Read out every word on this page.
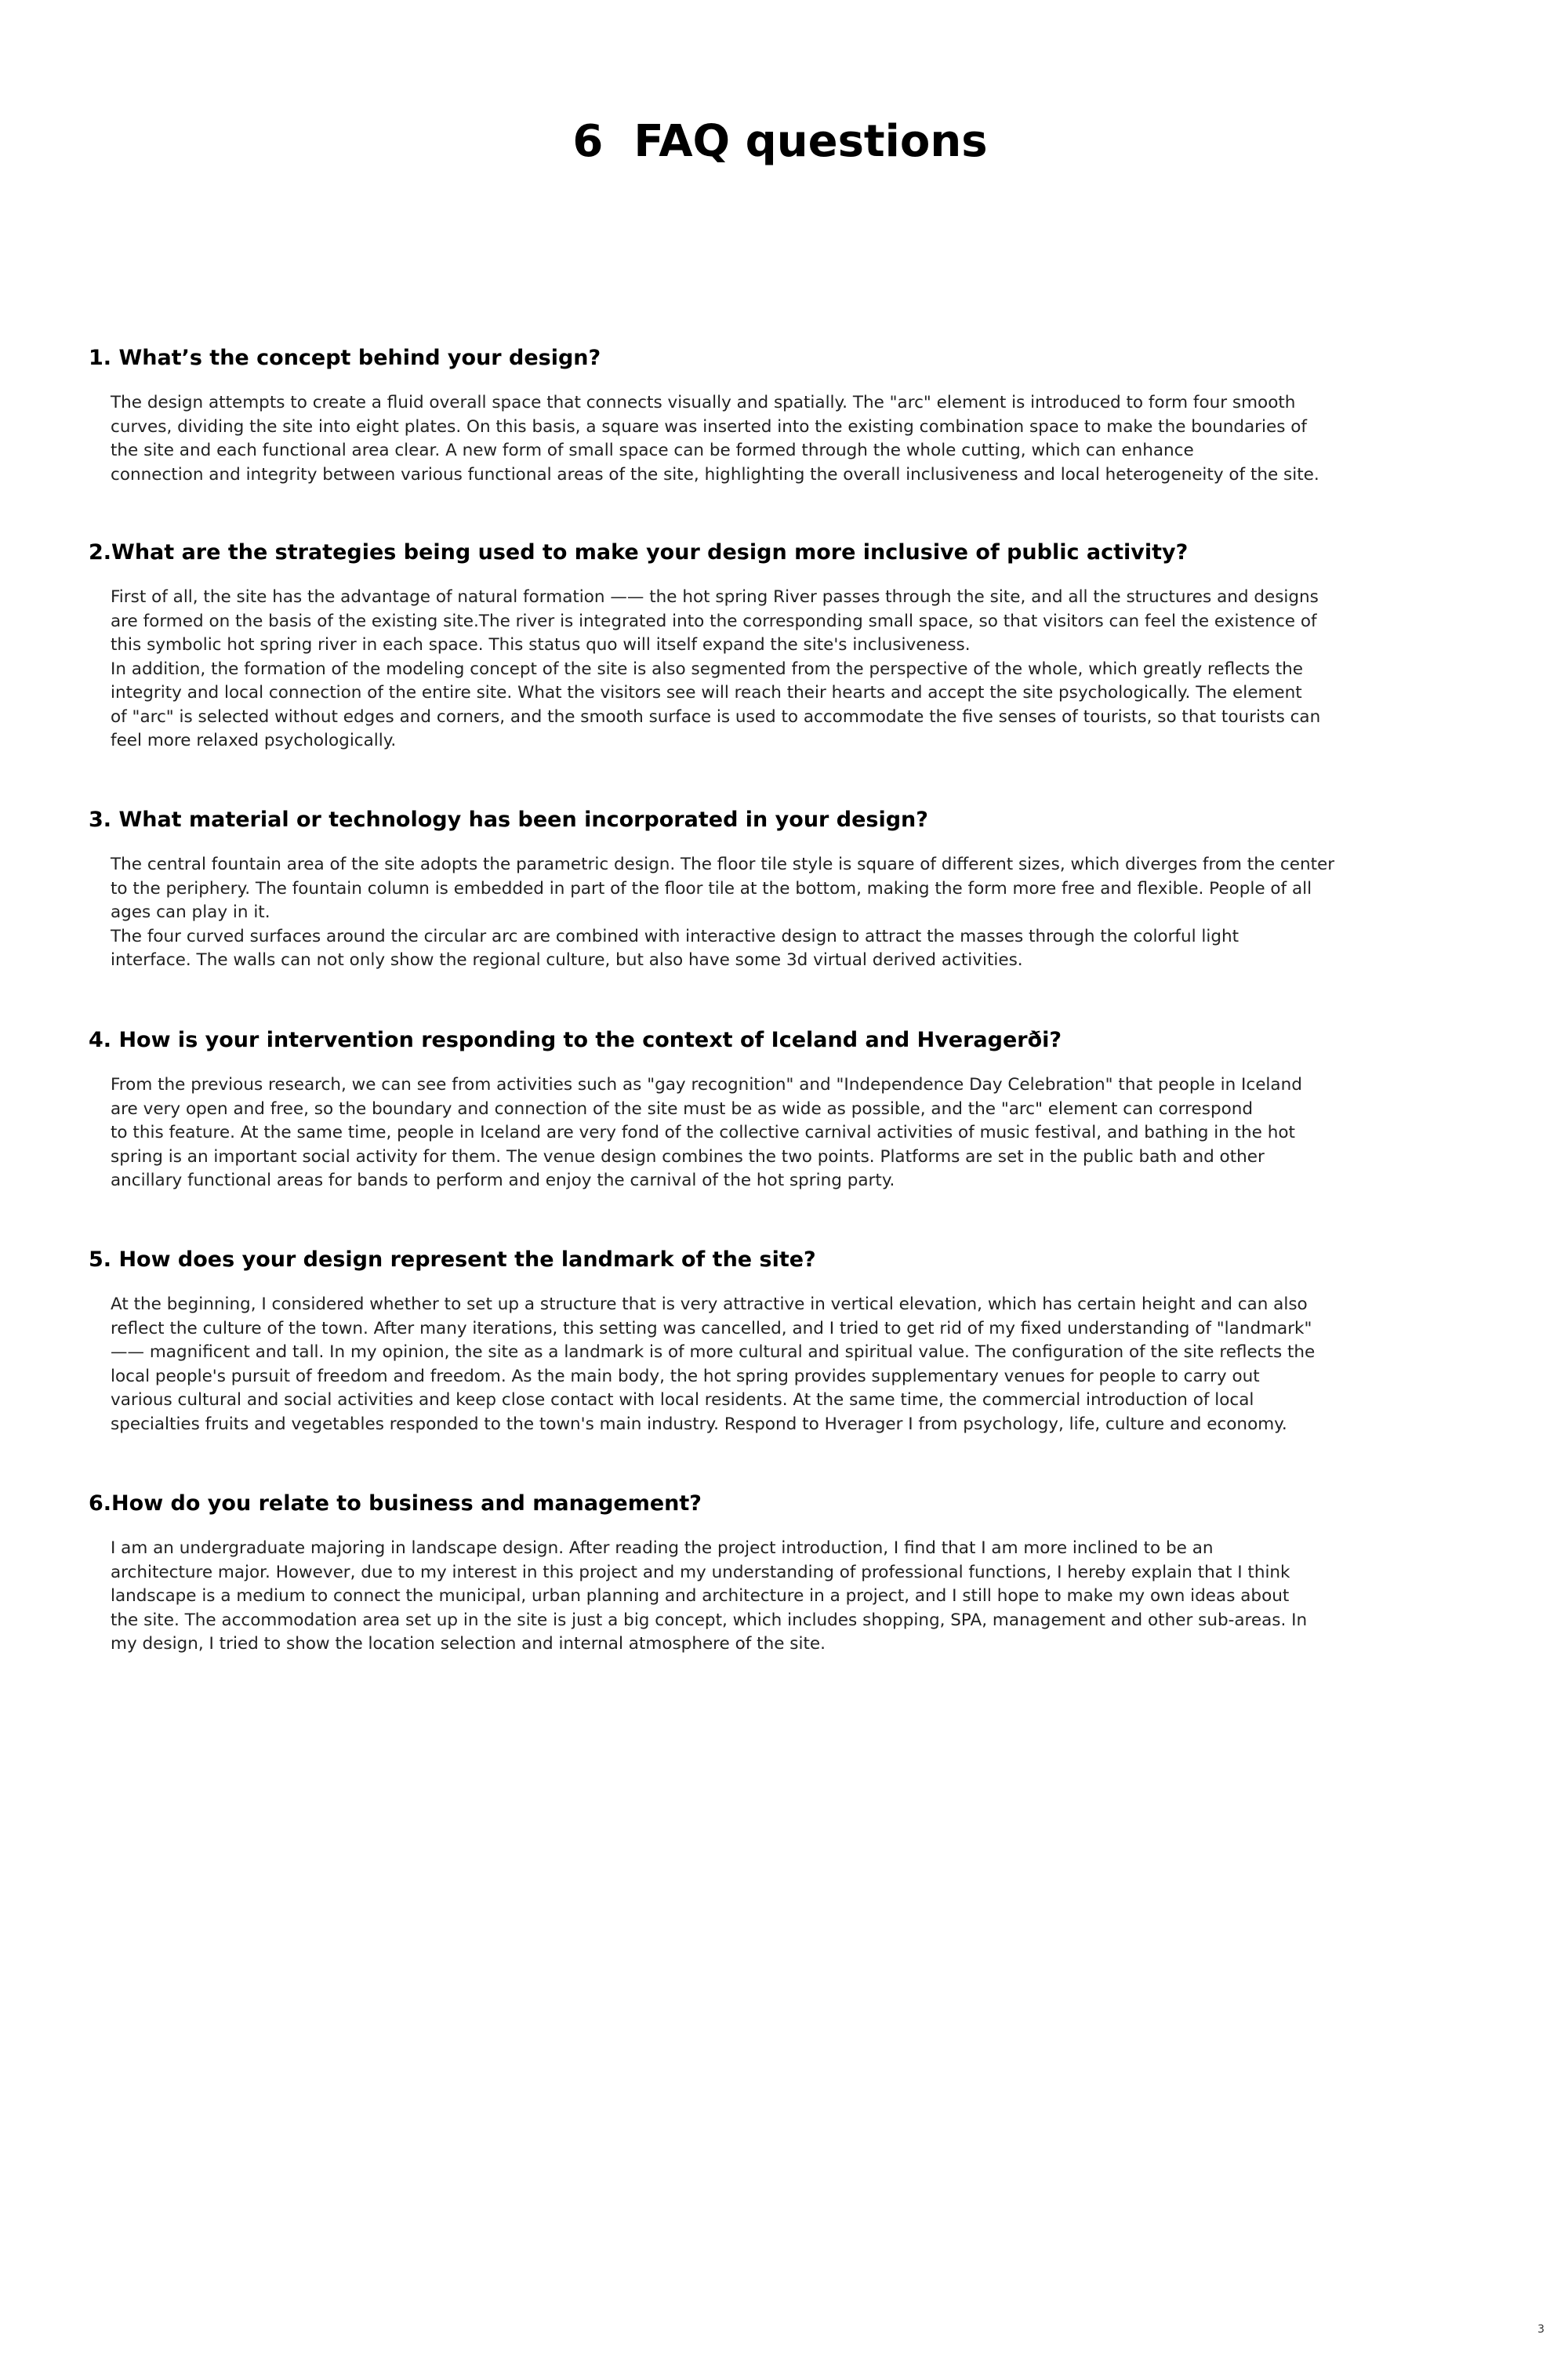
6  FAQ questions
1. What’s the concept behind your design?
The design attempts to create a fluid overall space that connects visually and spatially. The "arc" element is introduced to form four smooth
curves, dividing the site into eight plates. On this basis, a square was inserted into the existing combination space to make the boundaries of
the site and each functional area clear. A new form of small space can be formed through the whole cutting, which can enhance
connection and integrity between various functional areas of the site, highlighting the overall inclusiveness and local heterogeneity of the site.
2.What are the strategies being used to make your design more inclusive of public activity?
First of all, the site has the advantage of natural formation —— the hot spring River passes through the site, and all the structures and designs
are formed on the basis of the existing site.The river is integrated into the corresponding small space, so that visitors can feel the existence of
this symbolic hot spring river in each space. This status quo will itself expand the site's inclusiveness.
In addition, the formation of the modeling concept of the site is also segmented from the perspective of the whole, which greatly reflects the
integrity and local connection of the entire site. What the visitors see will reach their hearts and accept the site psychologically. The element
of "arc" is selected without edges and corners, and the smooth surface is used to accommodate the five senses of tourists, so that tourists can
feel more relaxed psychologically.
3. What material or technology has been incorporated in your design?
The central fountain area of the site adopts the parametric design. The floor tile style is square of different sizes, which diverges from the center
to the periphery. The fountain column is embedded in part of the floor tile at the bottom, making the form more free and flexible. People of all
ages can play in it.
The four curved surfaces around the circular arc are combined with interactive design to attract the masses through the colorful light
interface. The walls can not only show the regional culture, but also have some 3d virtual derived activities.
4. How is your intervention responding to the context of Iceland and Hveragerði?
From the previous research, we can see from activities such as "gay recognition" and "Independence Day Celebration" that people in Iceland
are very open and free, so the boundary and connection of the site must be as wide as possible, and the "arc" element can correspond
to this feature. At the same time, people in Iceland are very fond of the collective carnival activities of music festival, and bathing in the hot
spring is an important social activity for them. The venue design combines the two points. Platforms are set in the public bath and other
ancillary functional areas for bands to perform and enjoy the carnival of the hot spring party.
5. How does your design represent the landmark of the site?
At the beginning, I considered whether to set up a structure that is very attractive in vertical elevation, which has certain height and can also
reflect the culture of the town. After many iterations, this setting was cancelled, and I tried to get rid of my fixed understanding of "landmark"
—— magnificent and tall. In my opinion, the site as a landmark is of more cultural and spiritual value. The configuration of the site reflects the
local people's pursuit of freedom and freedom. As the main body, the hot spring provides supplementary venues for people to carry out
various cultural and social activities and keep close contact with local residents. At the same time, the commercial introduction of local
specialties fruits and vegetables responded to the town's main industry. Respond to Hverager I from psychology, life, culture and economy.
6.How do you relate to business and management?
I am an undergraduate majoring in landscape design. After reading the project introduction, I find that I am more inclined to be an
architecture major. However, due to my interest in this project and my understanding of professional functions, I hereby explain that I think
landscape is a medium to connect the municipal, urban planning and architecture in a project, and I still hope to make my own ideas about
the site. The accommodation area set up in the site is just a big concept, which includes shopping, SPA, management and other sub-areas. In
my design, I tried to show the location selection and internal atmosphere of the site.
3
